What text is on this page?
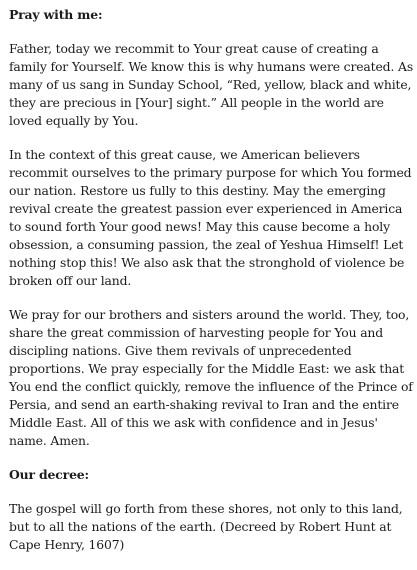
Pray with me:

Father, today we recommit to Your great cause of creating a family for Yourself. We know this is why humans were created. As many of us sang in Sunday School, “Red, yellow, black and white, they are precious in [Your] sight.” All people in the world are loved equally by You.

In the context of this great cause, we American believers recommit ourselves to the primary purpose for which You formed our nation. Restore us fully to this destiny. May the emerging revival create the greatest passion ever experienced in America to sound forth Your good news! May this cause become a holy obsession, a consuming passion, the zeal of Yeshua Himself! Let nothing stop this! We also ask that the stronghold of violence be broken off our land.

We pray for our brothers and sisters around the world. They, too, share the great commission of harvesting people for You and discipling nations. Give them revivals of unprecedented proportions. We pray especially for the Middle East: we ask that You end the conflict quickly, remove the influence of the Prince of Persia, and send an earth-shaking revival to Iran and the entire Middle East. All of this we ask with confidence and in Jesus' name. Amen.

Our decree:

The gospel will go forth from these shores, not only to this land, but to all the nations of the earth. (Decreed by Robert Hunt at Cape Henry, 1607)
